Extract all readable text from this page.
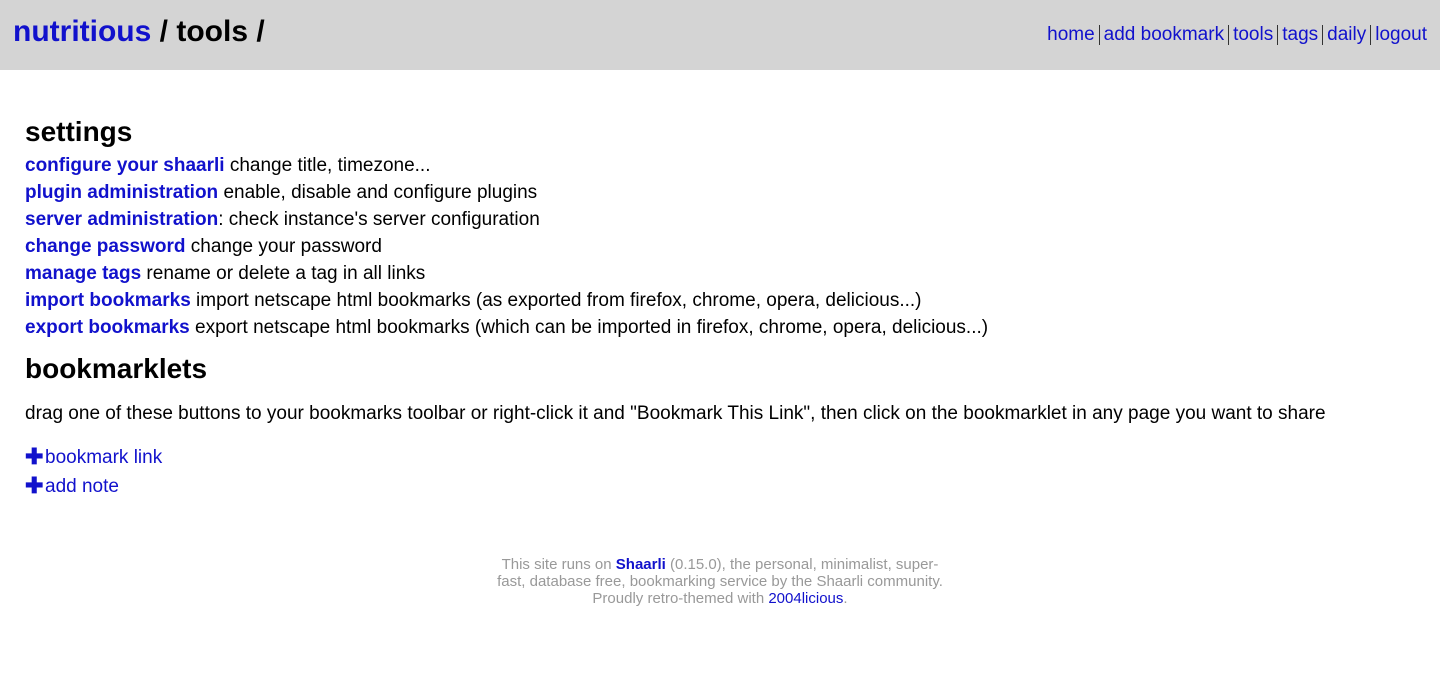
nutritious / tools /	home add bookmark tools tags daily logout
settings
configure your shaarli change title, timezone...
plugin administration enable, disable and configure plugins
server administration: check instance's server configuration
change password change your password
manage tags rename or delete a tag in all links
import bookmarks import netscape html bookmarks (as exported from firefox, chrome, opera, delicious...)
export bookmarks export netscape html bookmarks (which can be imported in firefox, chrome, opera, delicious...)
bookmarklets

drag one of these buttons to your bookmarks toolbar or right-click it and "Bookmark This Link", then click on the bookmarklet in any page you want to share

✚bookmark link
✚add note
This site runs on Shaarli (0.15.0), the personal, minimalist, super-
fast, database free, bookmarking service by the Shaarli community.
Proudly retro-themed with 2004licious.
